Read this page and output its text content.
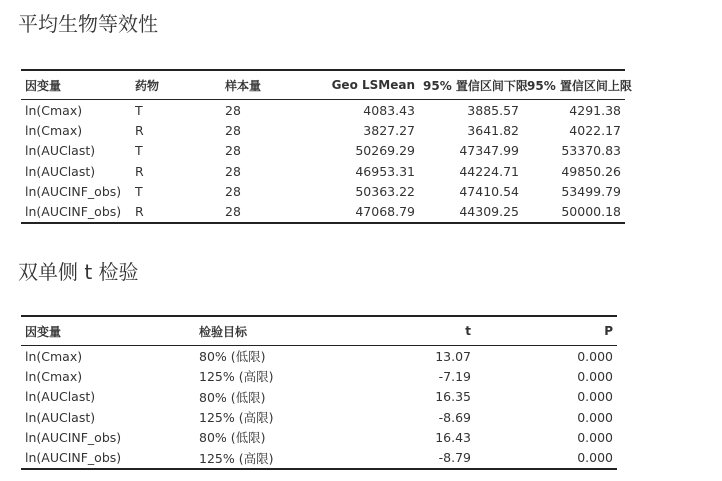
平均生物等效性
因变量	药物	样本量	Geo LSMean	95% 置信区间下限	95% 置信区间上限
ln(Cmax)	T	28	4083.43	3885.57	4291.38
ln(Cmax)	R	28	3827.27	3641.82	4022.17
ln(AUClast)	T	28	50269.29	47347.99	53370.83
ln(AUClast)	R	28	46953.31	44224.71	49850.26
ln(AUCINF_obs)	T	28	50363.22	47410.54	53499.79
ln(AUCINF_obs)	R	28	47068.79	44309.25	50000.18
双单侧 t 检验
因变量	检验目标	t	P
ln(Cmax)	80% (低限)	13.07	0.000
ln(Cmax)	125% (高限)	-7.19	0.000
ln(AUClast)	80% (低限)	16.35	0.000
ln(AUClast)	125% (高限)	-8.69	0.000
ln(AUCINF_obs)	80% (低限)	16.43	0.000
ln(AUCINF_obs)	125% (高限)	-8.79	0.000
